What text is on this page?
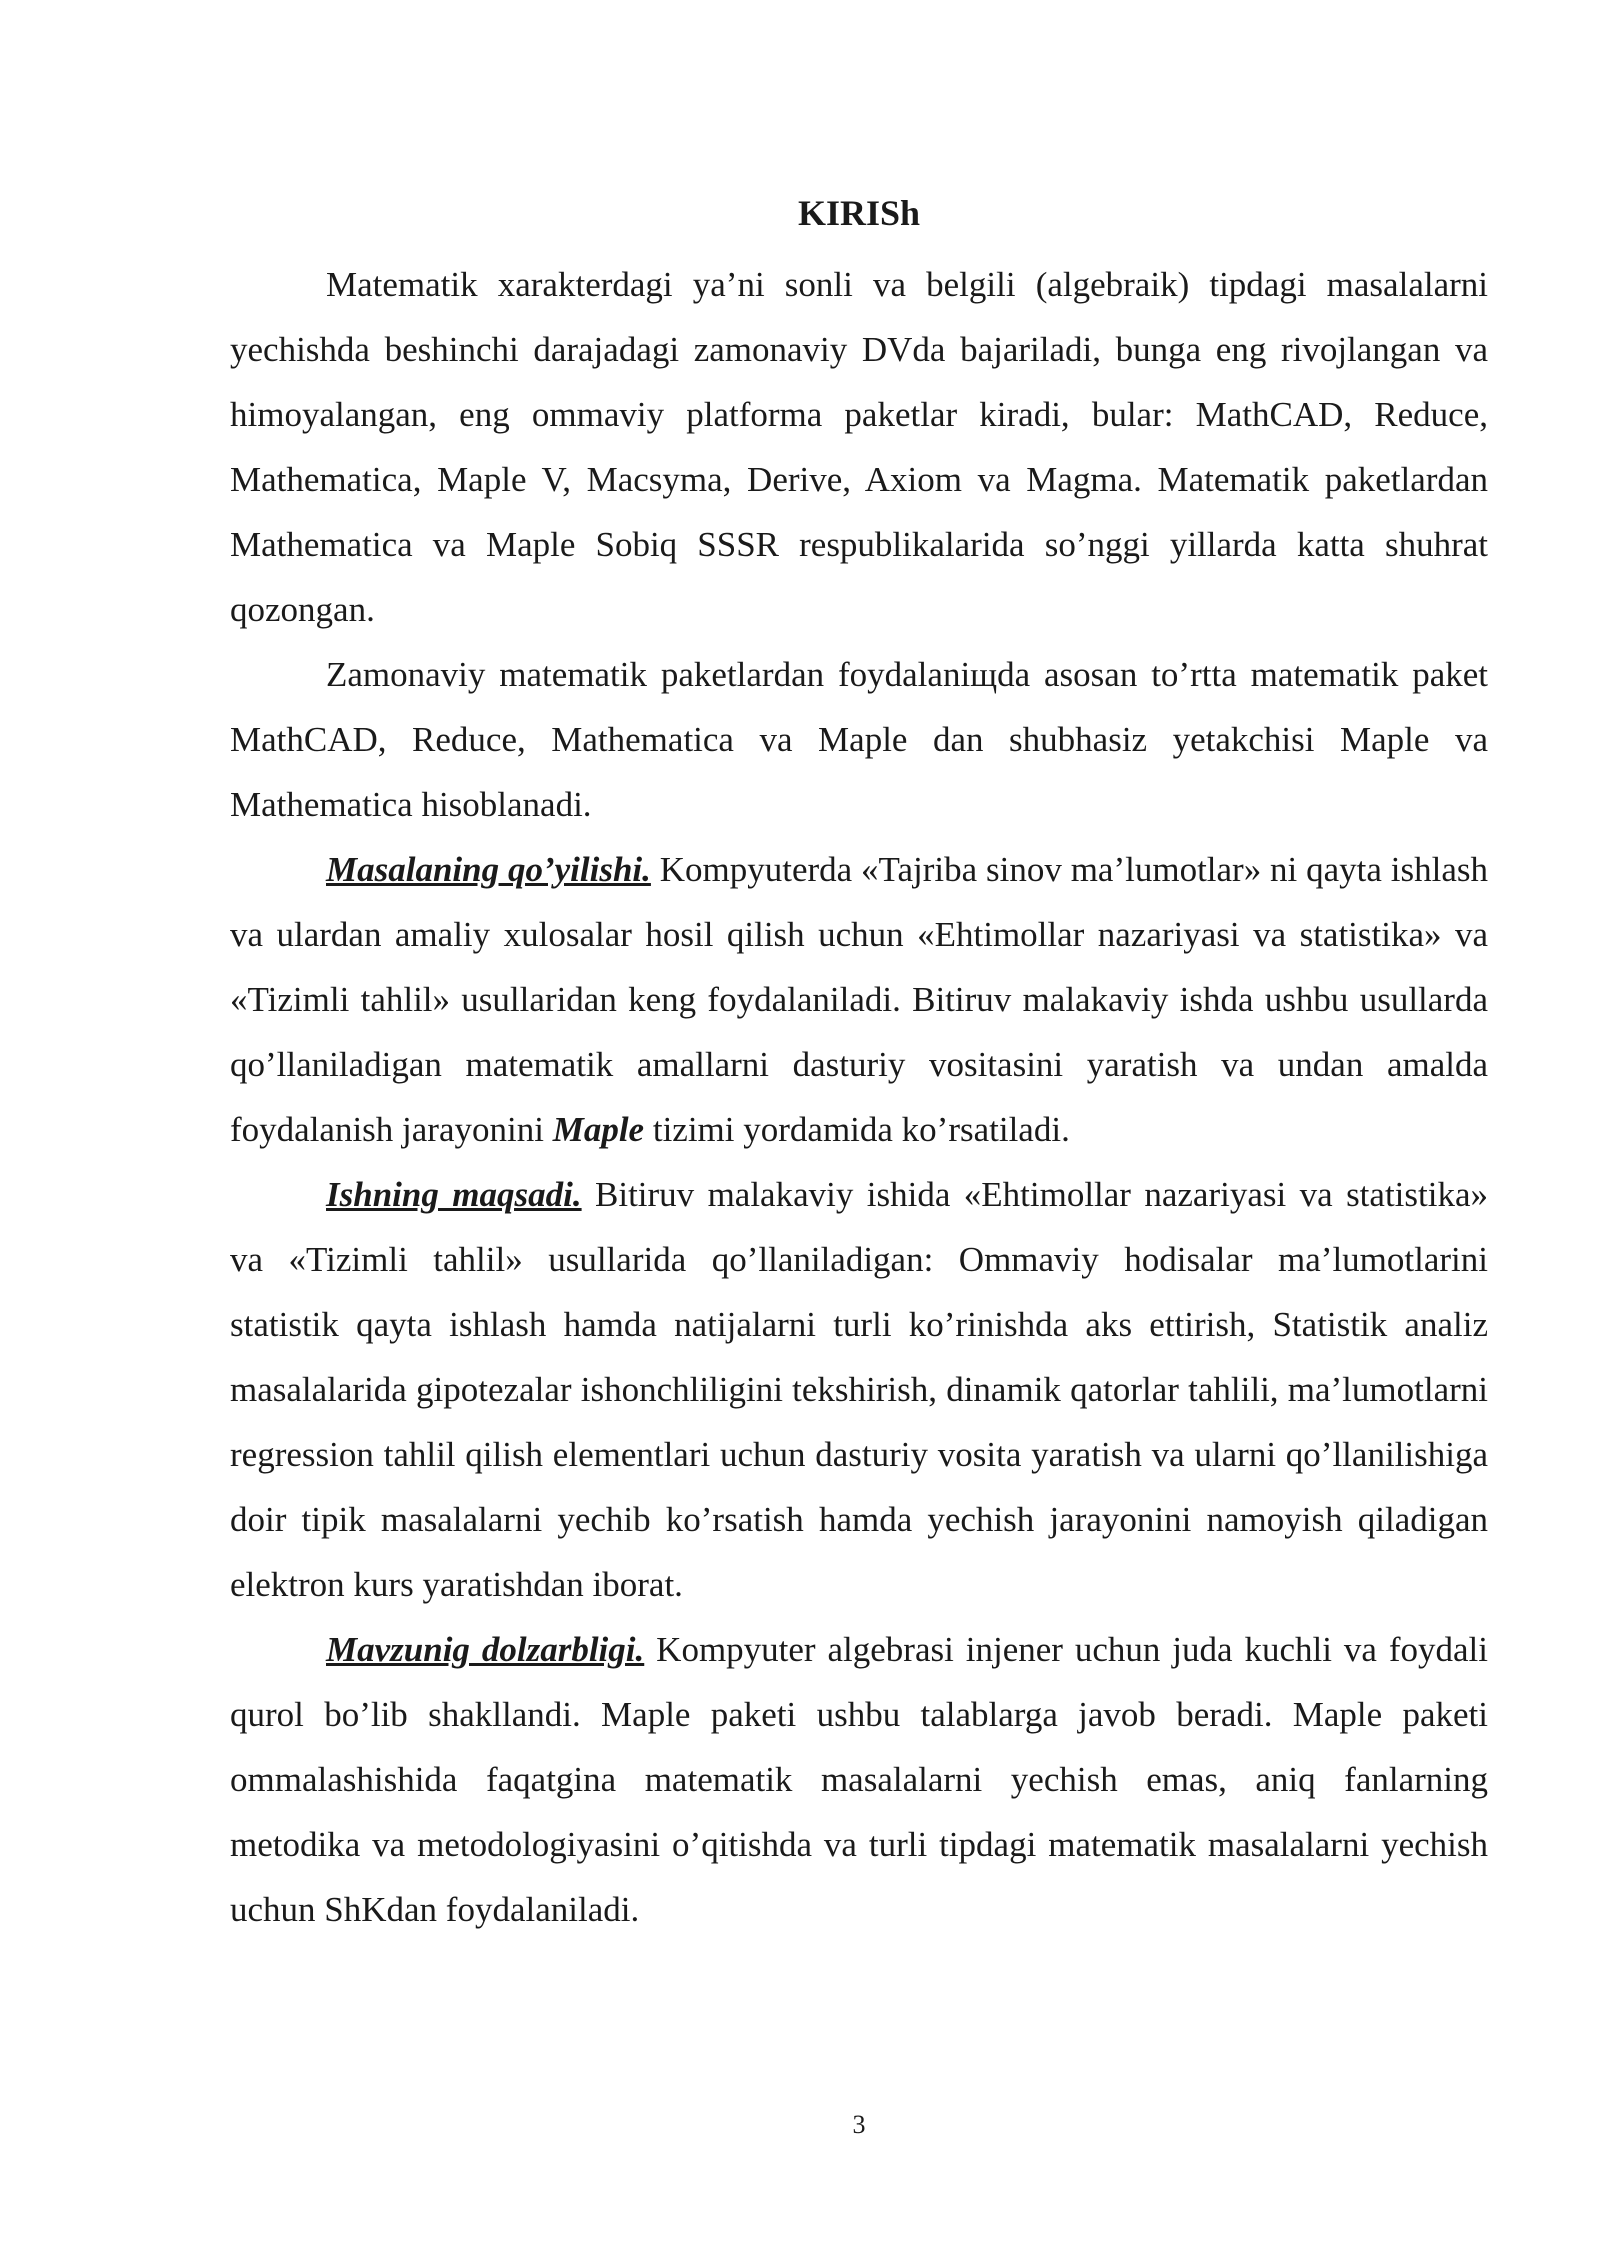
KIRISh

Matematik xarakterdagi ya’ni sonli va belgili (algebraik) tipdagi masalalarni yechishda beshinchi darajadagi zamonaviy DVda bajariladi, bunga eng rivojlangan va himoyalangan, eng ommaviy platforma paketlar kiradi, bular: MathCAD, Reduce, Mathematica, Maple V, Macsyma, Derive, Axiom va Magma. Matematik paketlardan Mathematica va Maple Sobiq SSSR respublikalarida so’nggi yillarda katta shuhrat qozongan.

Zamonaviy matematik paketlardan foydalaniщda asosan to’rtta matematik paket MathCAD, Reduce, Mathematica va Maple dan shubhasiz yetakchisi Maple va Mathematica hisoblanadi.

Masalaning qo’yilishi. Kompyuterda «Tajriba sinov ma’lumotlar» ni qayta ishlash va ulardan amaliy xulosalar hosil qilish uchun «Ehtimollar nazariyasi va statistika» va «Tizimli tahlil» usullaridan keng foydalaniladi. Bitiruv malakaviy ishda ushbu usullarda qo’llaniladigan matematik amallarni dasturiy vositasini yaratish va undan amalda foydalanish jarayonini Maple tizimi yordamida ko’rsatiladi.

Ishning maqsadi. Bitiruv malakaviy ishida «Ehtimollar nazariyasi va statistika» va «Tizimli tahlil» usullarida qo’llaniladigan: Ommaviy hodisalar ma’lumotlarini statistik qayta ishlash hamda natijalarni turli ko’rinishda aks ettirish, Statistik analiz masalalarida gipotezalar ishonchliligini tekshirish, dinamik qatorlar tahlili, ma’lumotlarni regression tahlil qilish elementlari uchun dasturiy vosita yaratish va ularni qo’llanilishiga doir tipik masalalarni yechib ko’rsatish hamda yechish jarayonini namoyish qiladigan elektron kurs yaratishdan iborat.

Mavzunig dolzarbligi. Kompyuter algebrasi injener uchun juda kuchli va foydali qurol bo’lib shakllandi. Maple paketi ushbu talablarga javob beradi. Maple paketi ommalashishida faqatgina matematik masalalarni yechish emas, aniq fanlarning metodika va metodologiyasini o’qitishda va turli tipdagi matematik masalalarni yechish uchun ShKdan foydalaniladi.

3
